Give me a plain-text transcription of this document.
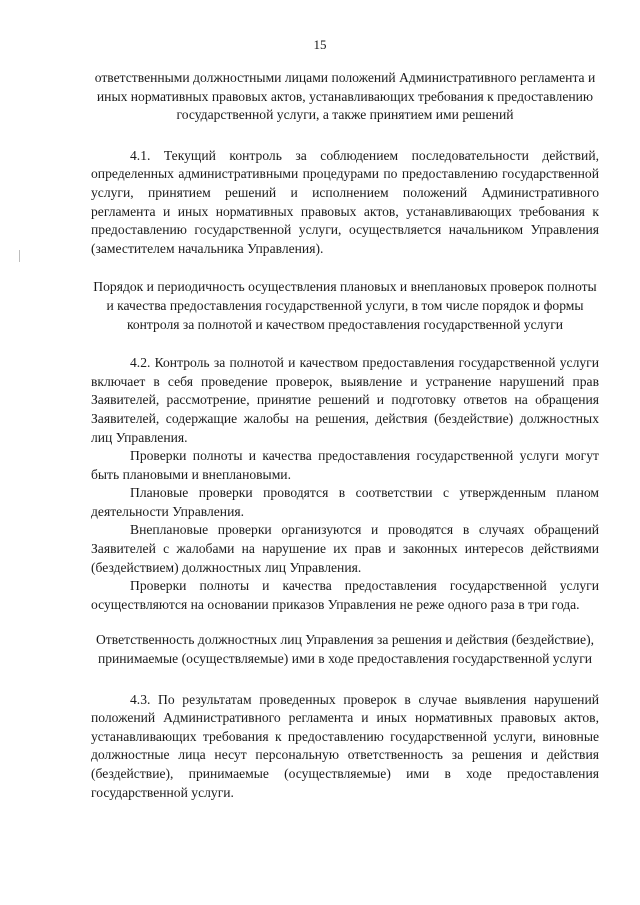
15

ответственными должностными лицами положений Административного регламента и иных нормативных правовых актов, устанавливающих требования к предоставлению государственной услуги, а также принятием ими решений

4.1. Текущий контроль за соблюдением последовательности действий, определенных административными процедурами по предоставлению государственной услуги, принятием решений и исполнением положений Административного регламента и иных нормативных правовых актов, устанавливающих требования к предоставлению государственной услуги, осуществляется начальником Управления (заместителем начальника Управления).

Порядок и периодичность осуществления плановых и внеплановых проверок полноты и качества предоставления государственной услуги, в том числе порядок и формы контроля за полнотой и качеством предоставления государственной услуги

4.2. Контроль за полнотой и качеством предоставления государственной услуги включает в себя проведение проверок, выявление и устранение нарушений прав Заявителей, рассмотрение, принятие решений и подготовку ответов на обращения Заявителей, содержащие жалобы на решения, действия (бездействие) должностных лиц Управления.

Проверки полноты и качества предоставления государственной услуги могут быть плановыми и внеплановыми.

Плановые проверки проводятся в соответствии с утвержденным планом деятельности Управления.

Внеплановые проверки организуются и проводятся в случаях обращений Заявителей с жалобами на нарушение их прав и законных интересов действиями (бездействием) должностных лиц Управления.

Проверки полноты и качества предоставления государственной услуги осуществляются на основании приказов Управления не реже одного раза в три года.

Ответственность должностных лиц Управления за решения и действия (бездействие), принимаемые (осуществляемые) ими в ходе предоставления государственной услуги

4.3. По результатам проведенных проверок в случае выявления нарушений положений Административного регламента и иных нормативных правовых актов, устанавливающих требования к предоставлению государственной услуги, виновные должностные лица несут персональную ответственность за решения и действия (бездействие), принимаемые (осуществляемые) ими в ходе предоставления государственной услуги.
